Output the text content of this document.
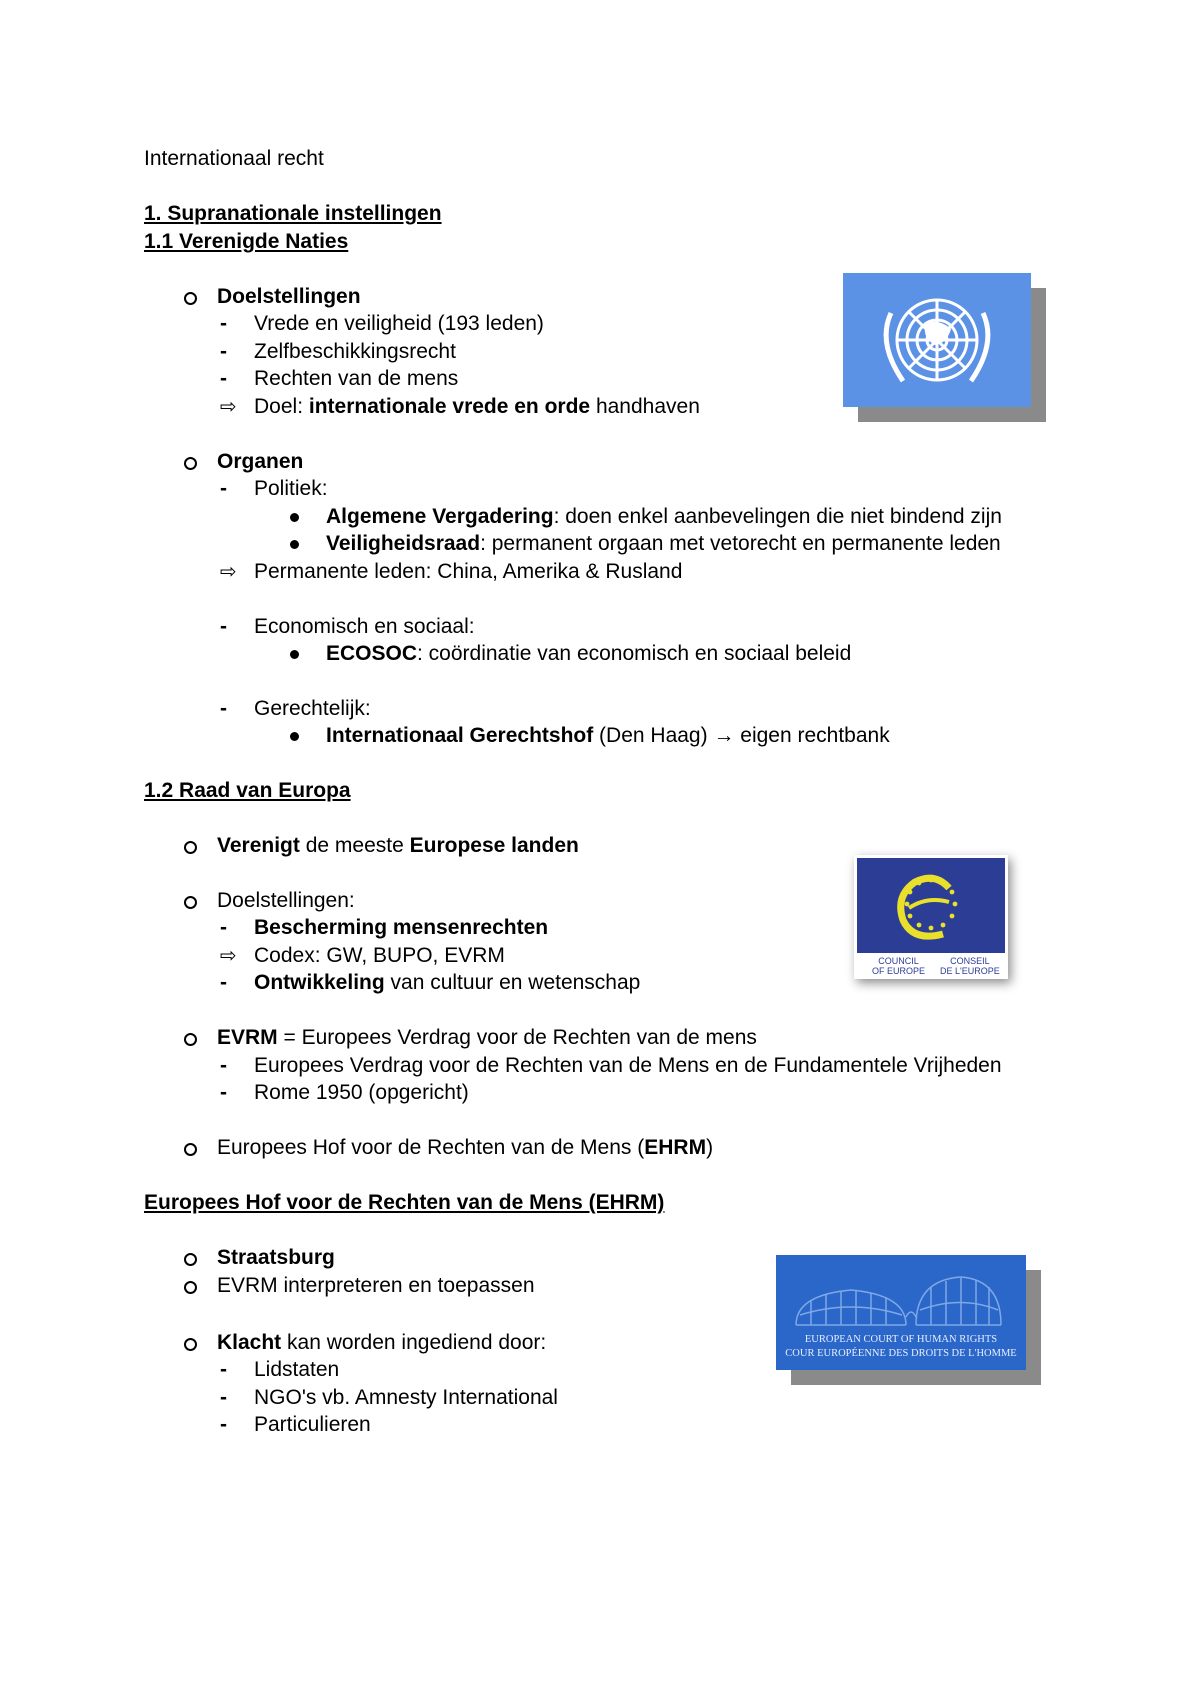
Internationaal recht
1. Supranationale instellingen
1.1 Verenigde Naties
Doelstellingen
- Vrede en veiligheid (193 leden)
- Zelfbeschikkingsrecht
- Rechten van de mens
⇨ Doel: internationale vrede en orde handhaven
Organen
- Politiek:
Algemene Vergadering: doen enkel aanbevelingen die niet bindend zijn
Veiligheidsraad: permanent orgaan met vetorecht en permanente leden
⇨ Permanente leden: China, Amerika & Rusland
- Economisch en sociaal:
ECOSOC: coördinatie van economisch en sociaal beleid
- Gerechtelijk:
Internationaal Gerechtshof (Den Haag) → eigen rechtbank
1.2 Raad van Europa
Verenigt de meeste Europese landen
Doelstellingen:
- Bescherming mensenrechten
⇨ Codex: GW, BUPO, EVRM
- Ontwikkeling van cultuur en wetenschap
COUNCIL
OF EUROPE
CONSEIL
DE L'EUROPE
EVRM = Europees Verdrag voor de Rechten van de mens
- Europees Verdrag voor de Rechten van de Mens en de Fundamentele Vrijheden
- Rome 1950 (opgericht)
Europees Hof voor de Rechten van de Mens (EHRM)
Europees Hof voor de Rechten van de Mens (EHRM)
Straatsburg
EVRM interpreteren en toepassen
Klacht kan worden ingediend door:
- Lidstaten
- NGO's vb. Amnesty International
- Particulieren
EUROPEAN COURT OF HUMAN RIGHTS
COUR EUROPÉENNE DES DROITS DE L'HOMME
